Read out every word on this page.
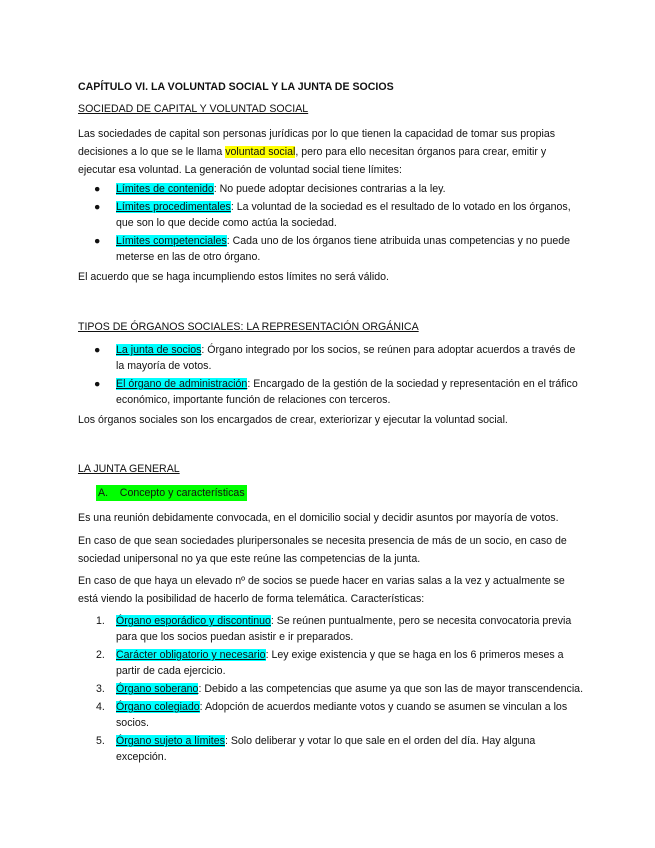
CAPÍTULO VI. LA VOLUNTAD SOCIAL Y LA JUNTA DE SOCIOS
SOCIEDAD DE CAPITAL Y VOLUNTAD SOCIAL

Las sociedades de capital son personas jurídicas por lo que tienen la capacidad de tomar sus propias decisiones a lo que se le llama voluntad social, pero para ello necesitan órganos para crear, emitir y ejecutar esa voluntad. La generación de voluntad social tiene límites:

● Límites de contenido: No puede adoptar decisiones contrarias a la ley.
● Límites procedimentales: La voluntad de la sociedad es el resultado de lo votado en los órganos, que son lo que decide como actúa la sociedad.
● Límites competenciales: Cada uno de los órganos tiene atribuida unas competencias y no puede meterse en las de otro órgano.

El acuerdo que se haga incumpliendo estos límites no será válido.

TIPOS DE ÓRGANOS SOCIALES: LA REPRESENTACIÓN ORGÁNICA
● La junta de socios: Órgano integrado por los socios, se reúnen para adoptar acuerdos a través de la mayoría de votos.
● El órgano de administración: Encargado de la gestión de la sociedad y representación en el tráfico económico, importante función de relaciones con terceros.

Los órganos sociales son los encargados de crear, exteriorizar y ejecutar la voluntad social.

LA JUNTA GENERAL
A. Concepto y características

Es una reunión debidamente convocada, en el domicilio social y decidir asuntos por mayoría de votos.

En caso de que sean sociedades pluripersonales se necesita presencia de más de un socio, en caso de sociedad unipersonal no ya que este reúne las competencias de la junta.

En caso de que haya un elevado nº de socios se puede hacer en varias salas a la vez y actualmente se está viendo la posibilidad de hacerlo de forma telemática. Características:

1. Órgano esporádico y discontinuo: Se reúnen puntualmente, pero se necesita convocatoria previa para que los socios puedan asistir e ir preparados.
2. Carácter obligatorio y necesario: Ley exige existencia y que se haga en los 6 primeros meses a partir de cada ejercicio.
3. Órgano soberano: Debido a las competencias que asume ya que son las de mayor transcendencia.
4. Órgano colegiado: Adopción de acuerdos mediante votos y cuando se asumen se vinculan a los socios.
5. Órgano sujeto a límites: Solo deliberar y votar lo que sale en el orden del día. Hay alguna excepción.
